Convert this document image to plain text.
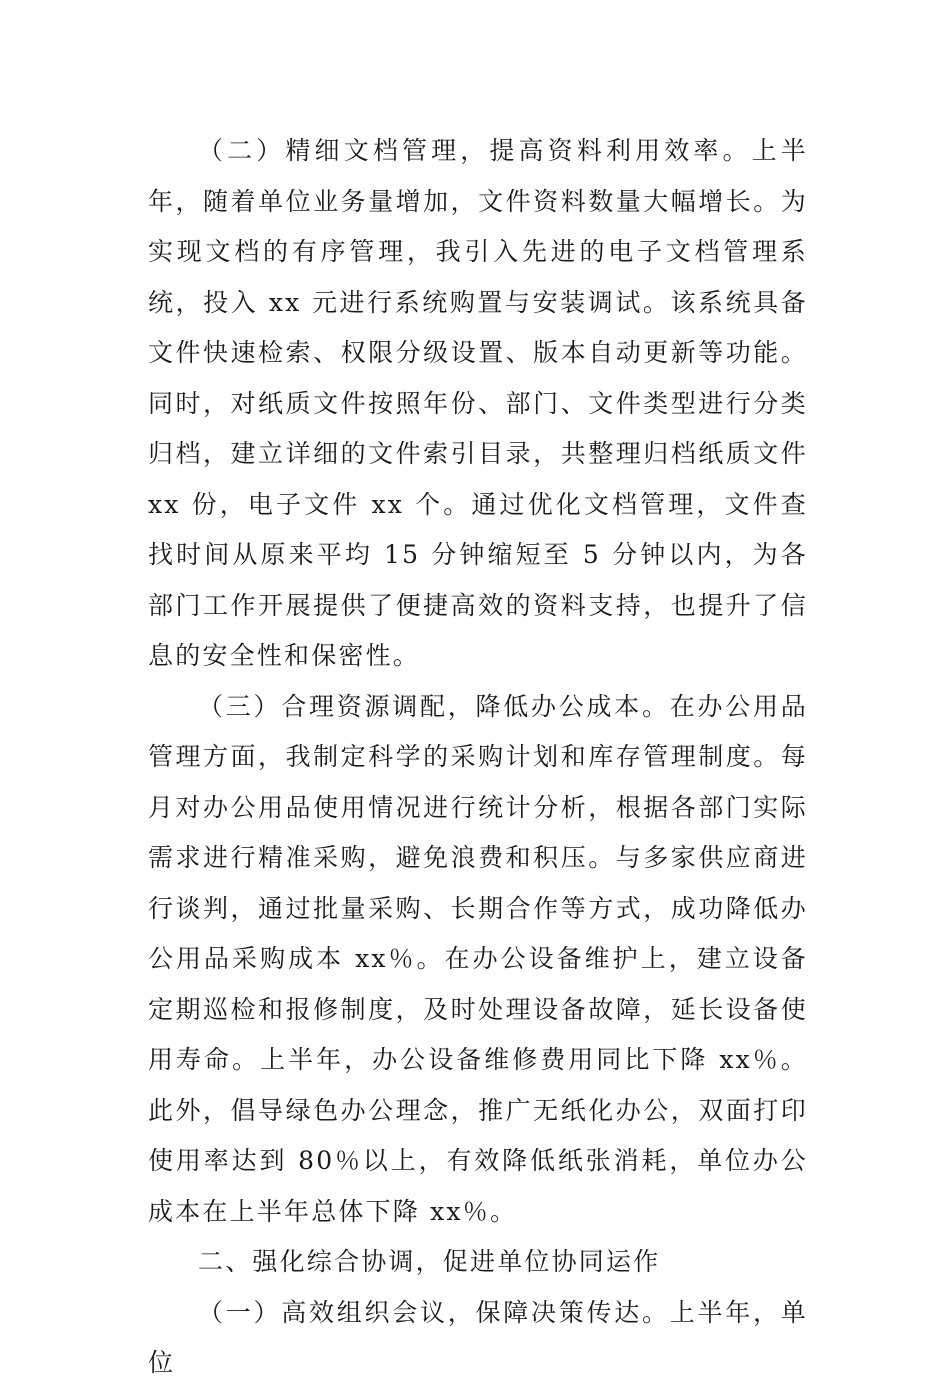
（二）精细文档管理，提高资料利用效率。上半年，随着单位业务量增加，文件资料数量大幅增长。为实现文档的有序管理，我引入先进的电子文档管理系统，投入 xx 元进行系统购置与安装调试。该系统具备文件快速检索、权限分级设置、版本自动更新等功能。同时，对纸质文件按照年份、部门、文件类型进行分类归档，建立详细的文件索引目录，共整理归档纸质文件 xx 份，电子文件 xx 个。通过优化文档管理，文件查找时间从原来平均 15 分钟缩短至 5 分钟以内，为各部门工作开展提供了便捷高效的资料支持，也提升了信息的安全性和保密性。

（三）合理资源调配，降低办公成本。在办公用品管理方面，我制定科学的采购计划和库存管理制度。每月对办公用品使用情况进行统计分析，根据各部门实际需求进行精准采购，避免浪费和积压。与多家供应商进行谈判，通过批量采购、长期合作等方式，成功降低办公用品采购成本 xx％。在办公设备维护上，建立设备定期巡检和报修制度，及时处理设备故障，延长设备使用寿命。上半年，办公设备维修费用同比下降 xx％。此外，倡导绿色办公理念，推广无纸化办公，双面打印使用率达到 80％以上，有效降低纸张消耗，单位办公成本在上半年总体下降 xx％。

二、强化综合协调，促进单位协同运作

（一）高效组织会议，保障决策传达。上半年，单位
